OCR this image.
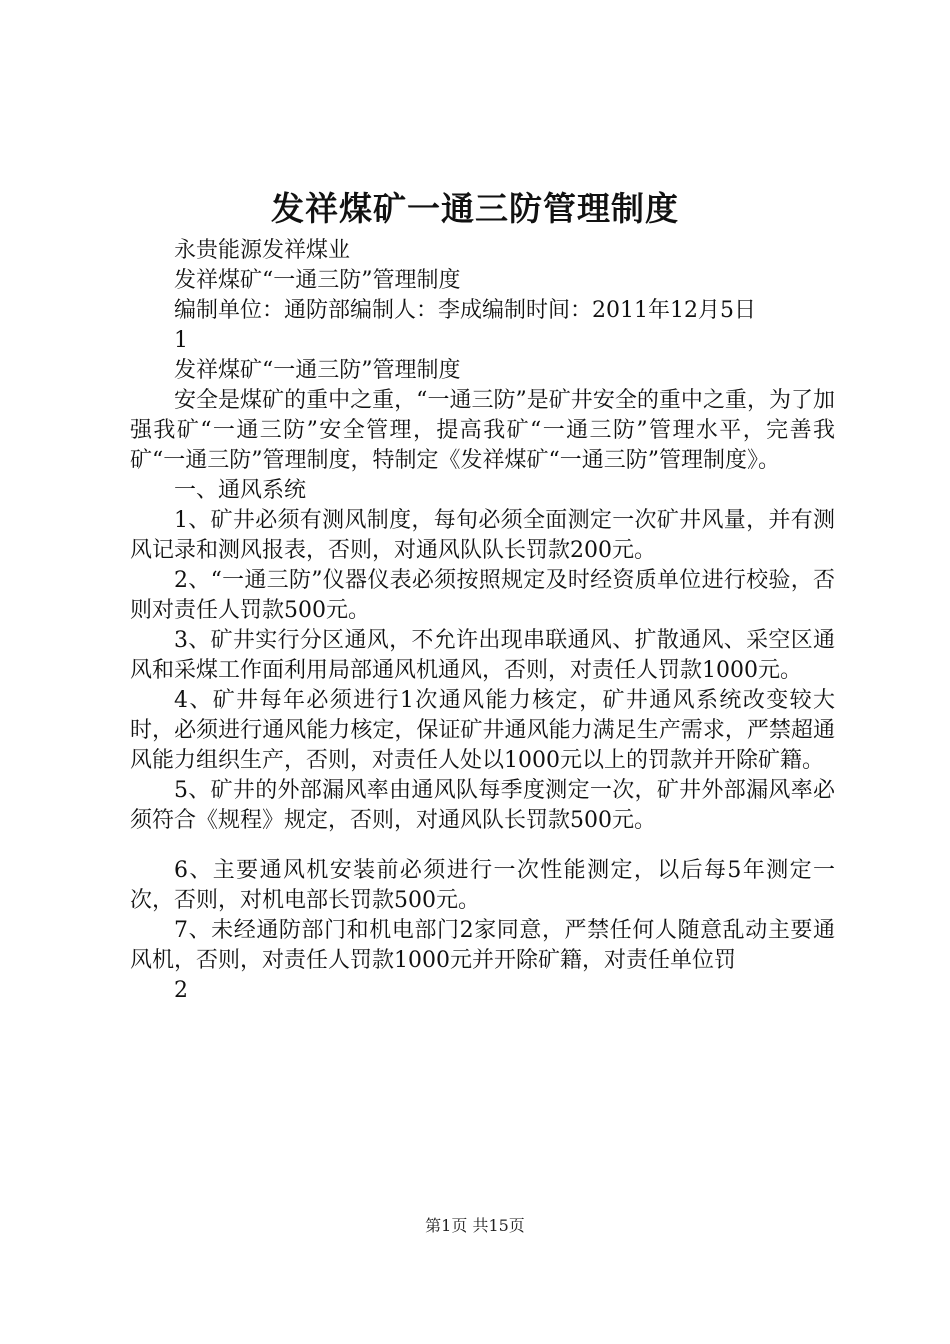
发祥煤矿一通三防管理制度

永贵能源发祥煤业

发祥煤矿“一通三防”管理制度

编制单位：通防部编制人：李成编制时间：2011年12月5日

1

发祥煤矿“一通三防”管理制度

安全是煤矿的重中之重，“一通三防”是矿井安全的重中之重，为了加强我矿“一通三防”安全管理，提高我矿“一通三防”管理水平，完善我矿“一通三防”管理制度，特制定《发祥煤矿“一通三防”管理制度》。

一、通风系统

1、矿井必须有测风制度，每旬必须全面测定一次矿井风量，并有测风记录和测风报表，否则，对通风队队长罚款200元。

2、“一通三防”仪器仪表必须按照规定及时经资质单位进行校验，否则对责任人罚款500元。

3、矿井实行分区通风，不允许出现串联通风、扩散通风、采空区通风和采煤工作面利用局部通风机通风，否则，对责任人罚款1000元。

4、矿井每年必须进行1次通风能力核定，矿井通风系统改变较大时，必须进行通风能力核定，保证矿井通风能力满足生产需求，严禁超通风能力组织生产，否则，对责任人处以1000元以上的罚款并开除矿籍。

5、矿井的外部漏风率由通风队每季度测定一次，矿井外部漏风率必须符合《规程》规定，否则，对通风队长罚款500元。

6、主要通风机安装前必须进行一次性能测定，以后每5年测定一次，否则，对机电部长罚款500元。

7、未经通防部门和机电部门2家同意，严禁任何人随意乱动主要通风机，否则，对责任人罚款1000元并开除矿籍，对责任单位罚

2

第1页 共15页
